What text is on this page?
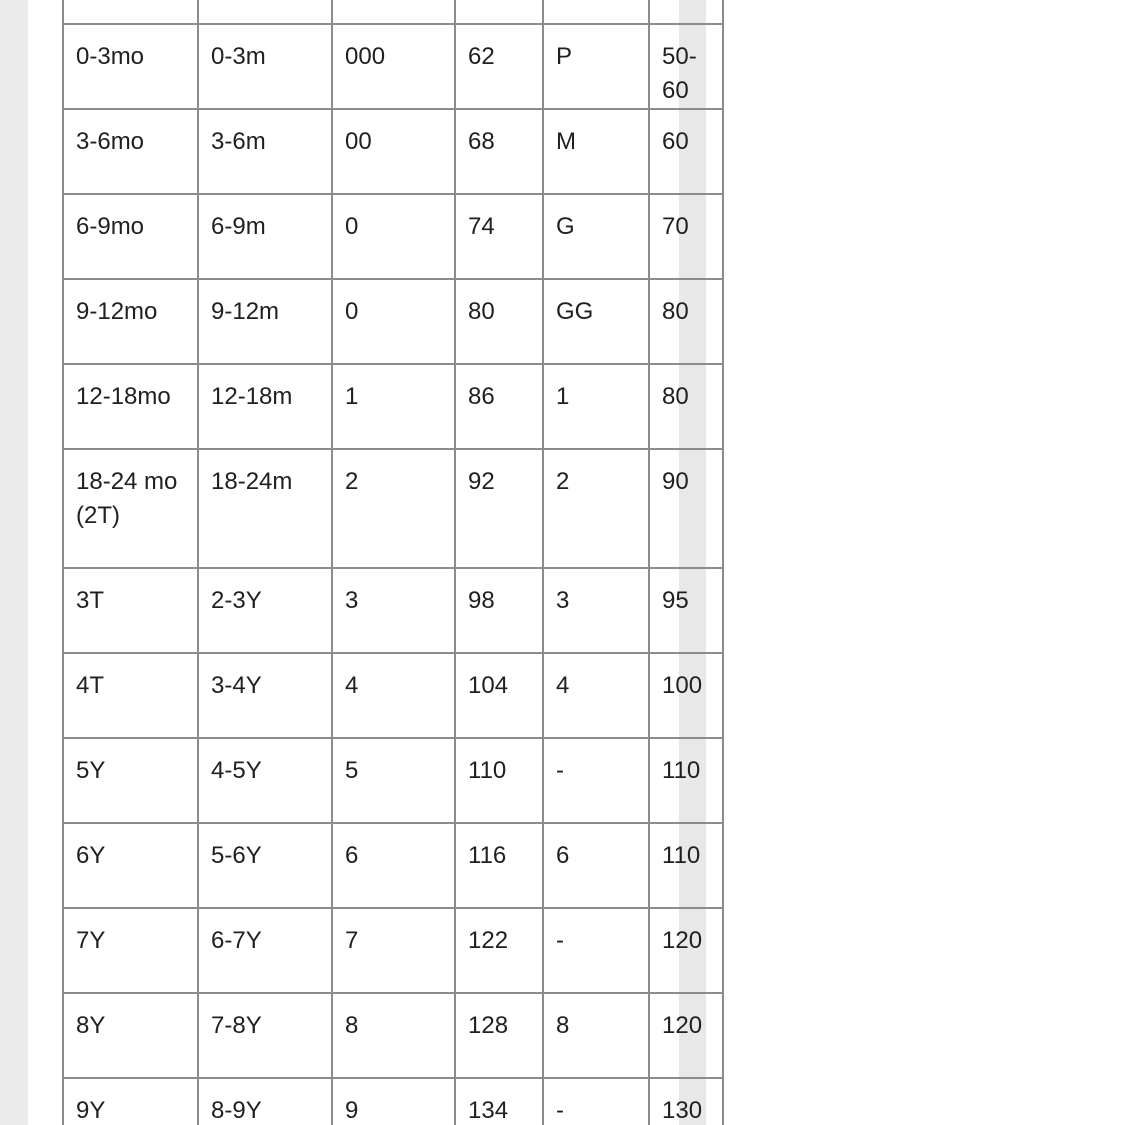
0-3mo	0-3m	000	62	P	50-60
3-6mo	3-6m	00	68	M	60
6-9mo	6-9m	0	74	G	70
9-12mo	9-12m	0	80	GG	80
12-18mo	12-18m	1	86	1	80
18-24 mo (2T)	18-24m	2	92	2	90
3T	2-3Y	3	98	3	95
4T	3-4Y	4	104	4	100
5Y	4-5Y	5	110	-	110
6Y	5-6Y	6	116	6	110
7Y	6-7Y	7	122	-	120
8Y	7-8Y	8	128	8	120
9Y	8-9Y	9	134	-	130
